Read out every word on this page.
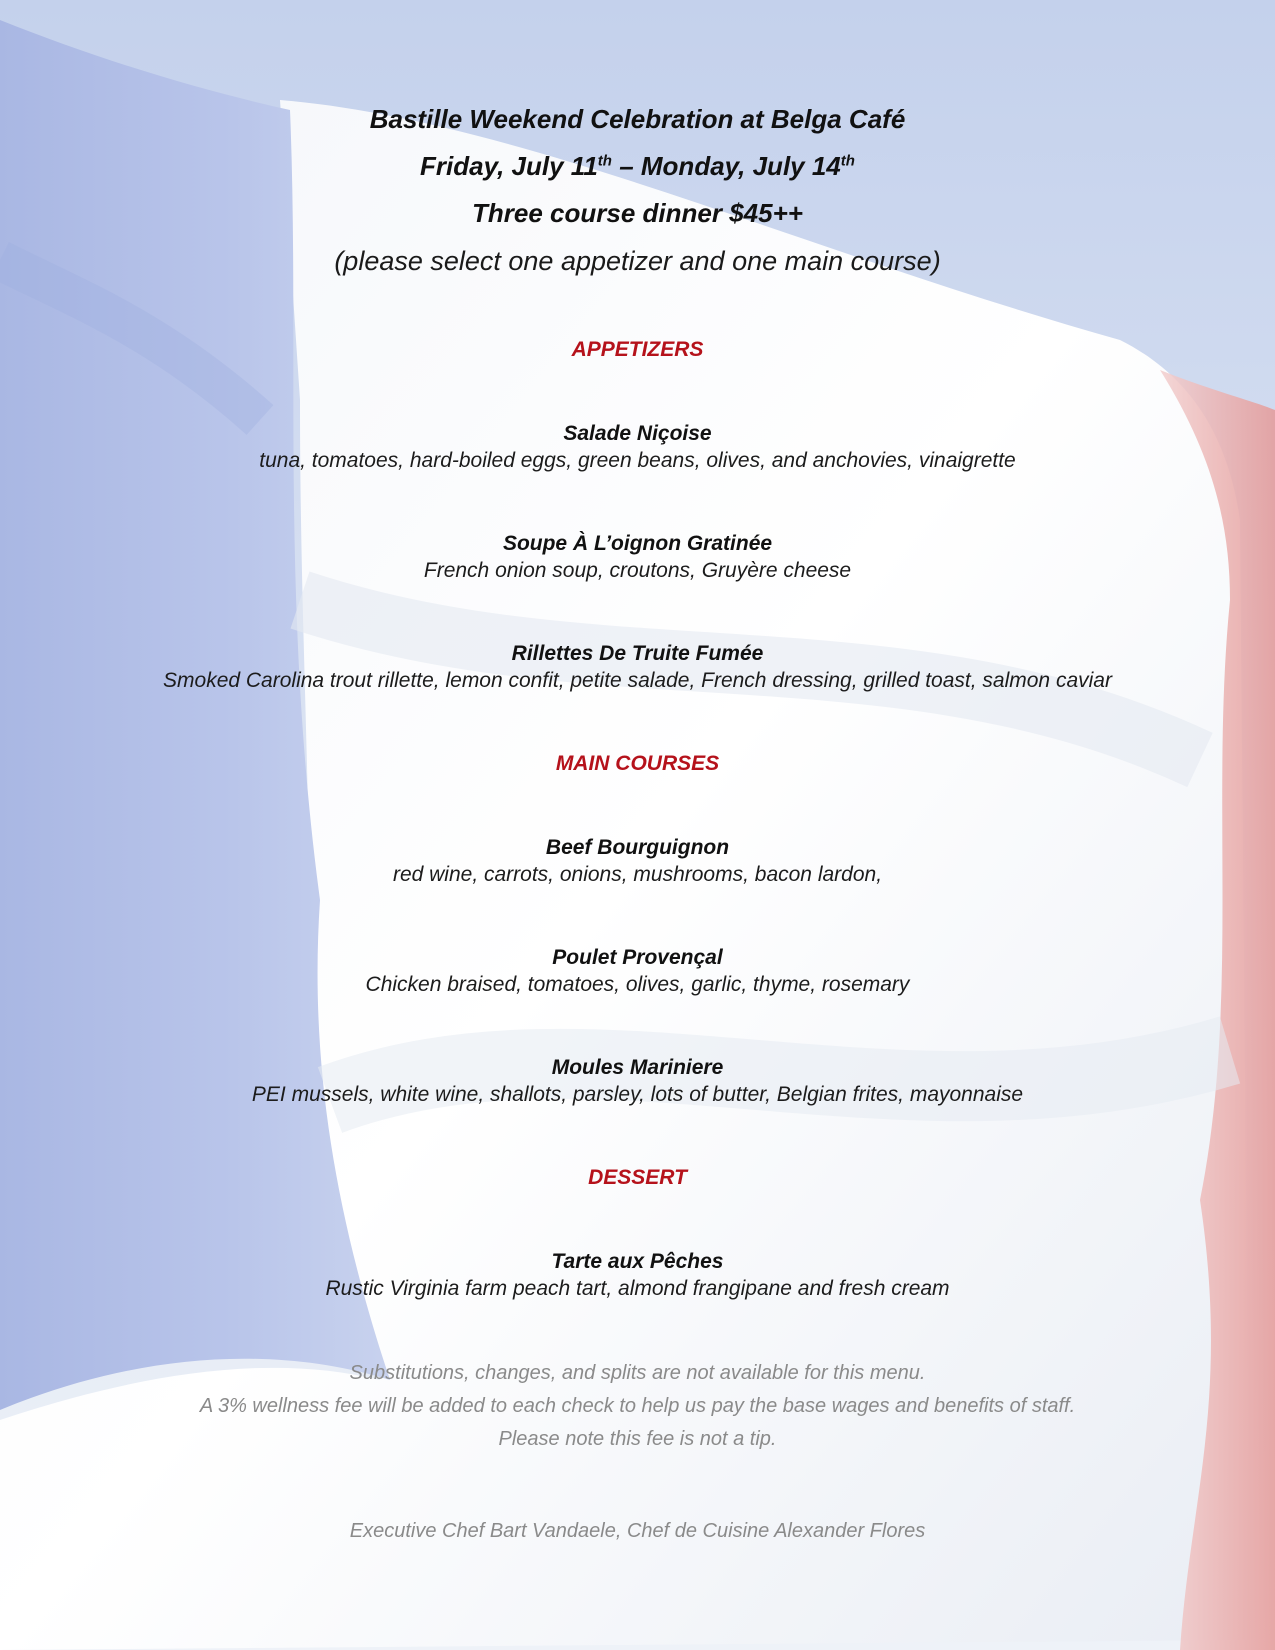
Bastille Weekend Celebration at Belga Café
Friday, July 11th – Monday, July 14th
Three course dinner $45++
(please select one appetizer and one main course)
APPETIZERS
Salade Niçoise
tuna, tomatoes, hard-boiled eggs, green beans, olives, and anchovies, vinaigrette
Soupe À L’oignon Gratinée
French onion soup, croutons, Gruyère cheese
Rillettes De Truite Fumée
Smoked Carolina trout rillette, lemon confit, petite salade, French dressing, grilled toast, salmon caviar
MAIN COURSES
Beef Bourguignon
red wine, carrots, onions, mushrooms, bacon lardon,
Poulet Provençal
Chicken braised, tomatoes, olives, garlic, thyme, rosemary
Moules Mariniere
PEI mussels, white wine, shallots, parsley, lots of butter, Belgian frites, mayonnaise
DESSERT
Tarte aux Pêches
Rustic Virginia farm peach tart, almond frangipane and fresh cream
Substitutions, changes, and splits are not available for this menu.
A 3% wellness fee will be added to each check to help us pay the base wages and benefits of staff.
Please note this fee is not a tip.
Executive Chef Bart Vandaele, Chef de Cuisine Alexander Flores
